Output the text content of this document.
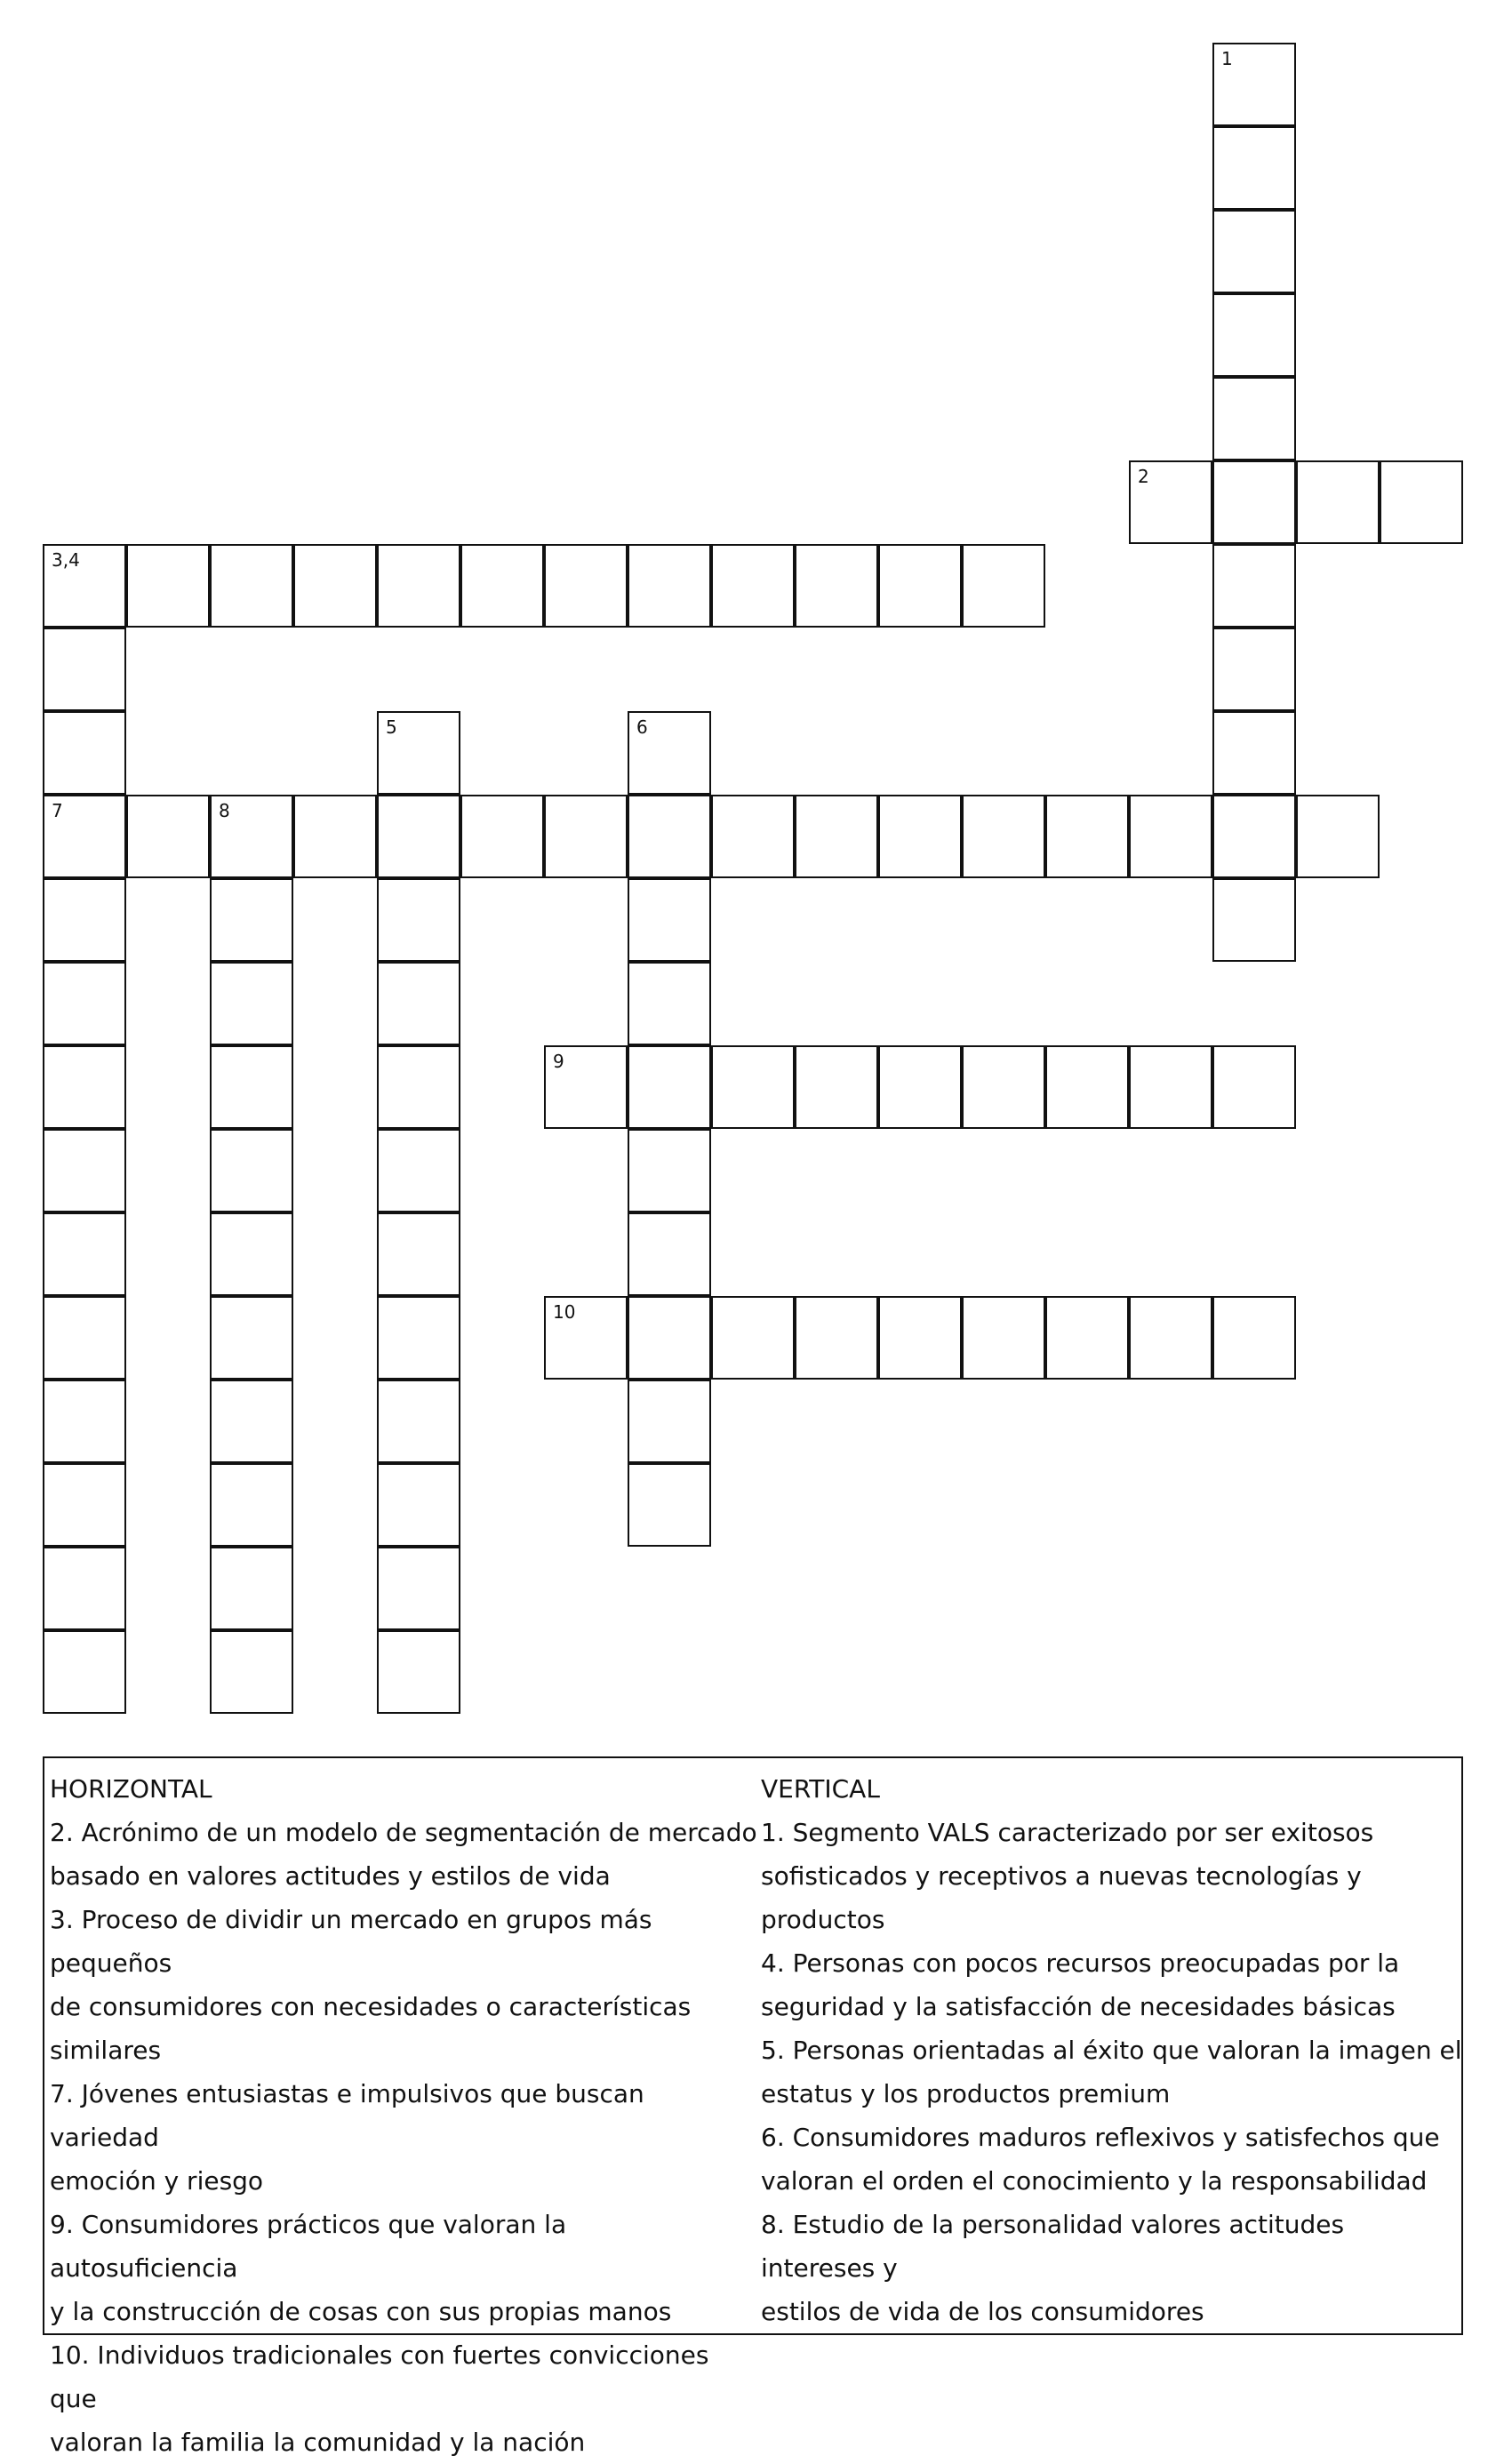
1
2
3,4
5	6
7	8
9
10
HORIZONTAL
2. Acrónimo de un modelo de segmentación de mercado
basado en valores actitudes y estilos de vida
3. Proceso de dividir un mercado en grupos más pequeños
de consumidores con necesidades o características
similares
7. Jóvenes entusiastas e impulsivos que buscan variedad
emoción y riesgo
9. Consumidores prácticos que valoran la autosuficiencia
y la construcción de cosas con sus propias manos
10. Individuos tradicionales con fuertes convicciones que
valoran la familia la comunidad y la nación
VERTICAL
1. Segmento VALS caracterizado por ser exitosos
sofisticados y receptivos a nuevas tecnologías y productos
4. Personas con pocos recursos preocupadas por la
seguridad y la satisfacción de necesidades básicas
5. Personas orientadas al éxito que valoran la imagen el
estatus y los productos premium
6. Consumidores maduros reflexivos y satisfechos que
valoran el orden el conocimiento y la responsabilidad
8. Estudio de la personalidad valores actitudes intereses y
estilos de vida de los consumidores
